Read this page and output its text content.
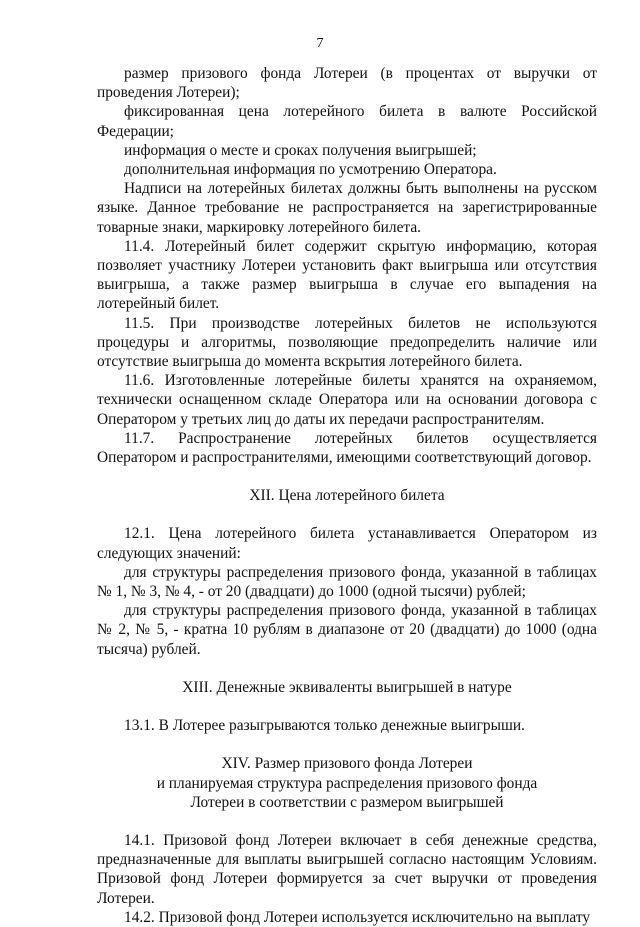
7

размер призового фонда Лотереи (в процентах от выручки от проведения Лотереи);

фиксированная цена лотерейного билета в валюте Российской Федерации;

информация о месте и сроках получения выигрышей;

дополнительная информация по усмотрению Оператора.

Надписи на лотерейных билетах должны быть выполнены на русском языке. Данное требование не распространяется на зарегистрированные товарные знаки, маркировку лотерейного билета.

11.4. Лотерейный билет содержит скрытую информацию, которая позволяет участнику Лотереи установить факт выигрыша или отсутствия выигрыша, а также размер выигрыша в случае его выпадения на лотерейный билет.

11.5. При производстве лотерейных билетов не используются процедуры и алгоритмы, позволяющие предопределить наличие или отсутствие выигрыша до момента вскрытия лотерейного билета.

11.6. Изготовленные лотерейные билеты хранятся на охраняемом, технически оснащенном складе Оператора или на основании договора с Оператором у третьих лиц до даты их передачи распространителям.

11.7. Распространение лотерейных билетов осуществляется Оператором и распространителями, имеющими соответствующий договор.

XII. Цена лотерейного билета

12.1. Цена лотерейного билета устанавливается Оператором из следующих значений:

для структуры распределения призового фонда, указанной в таблицах № 1, № 3, № 4, - от 20 (двадцати) до 1000 (одной тысячи) рублей;

для структуры распределения призового фонда, указанной в таблицах № 2, № 5, - кратна 10 рублям в диапазоне от 20 (двадцати) до 1000 (одна тысяча) рублей.

XIII. Денежные эквиваленты выигрышей в натуре

13.1. В Лотерее разыгрываются только денежные выигрыши.

XIV. Размер призового фонда Лотереи
и планируемая структура распределения призового фонда
Лотереи в соответствии с размером выигрышей

14.1. Призовой фонд Лотереи включает в себя денежные средства, предназначенные для выплаты выигрышей согласно настоящим Условиям. Призовой фонд Лотереи формируется за счет выручки от проведения Лотереи.

14.2. Призовой фонд Лотереи используется исключительно на выплату
